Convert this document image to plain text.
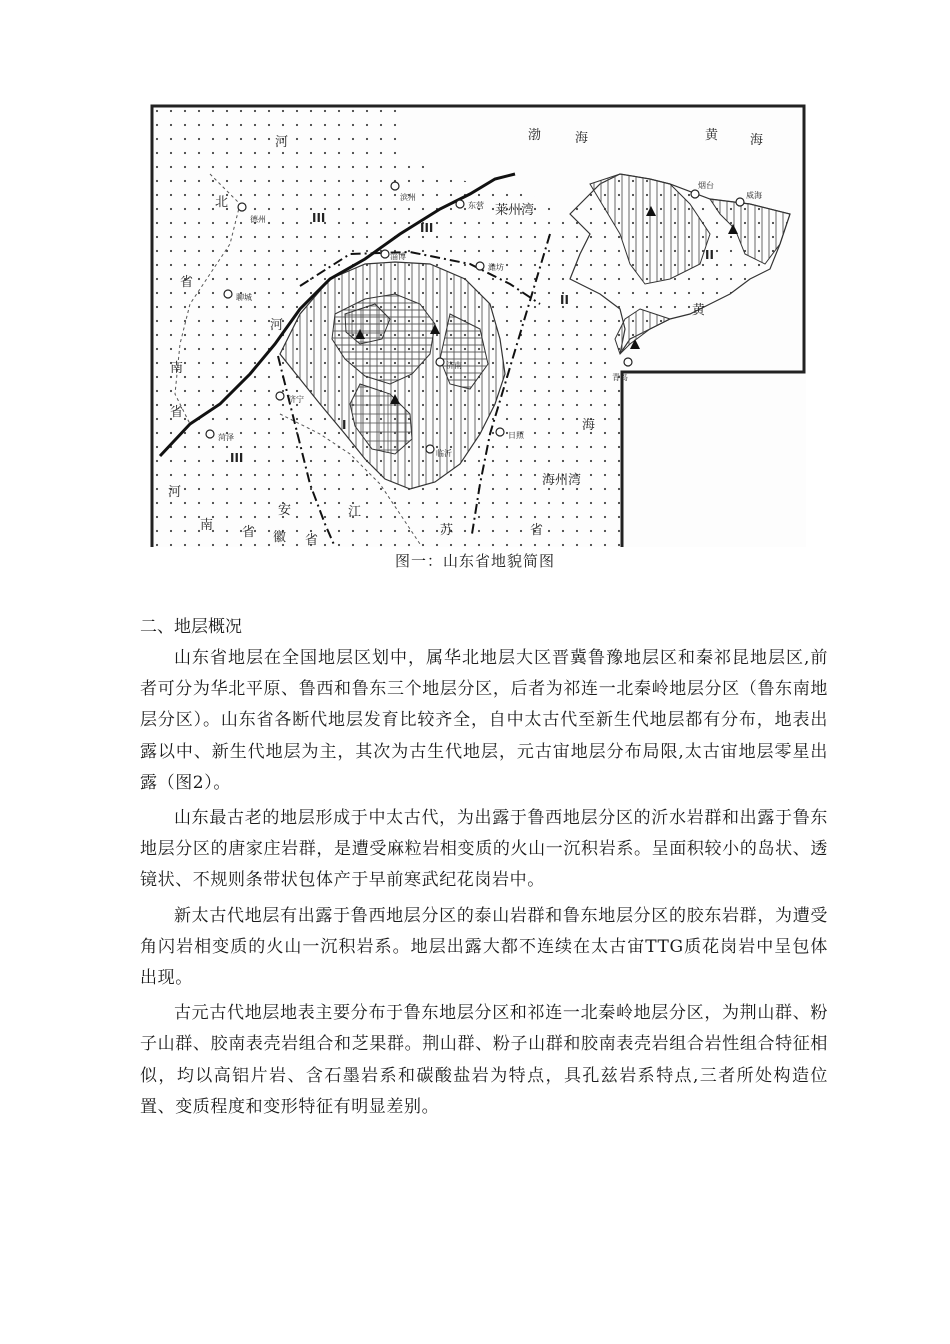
渤	海	黄 海
莱州湾
黄
海
海州湾
河
北
省
河
南
省
河
南 省
安
徽 省
江
苏	省
III
III
III
II
II
I
德州
滨州
东营
聊城
淄博
潍坊
济宁
菏泽
临沂
日照
青岛
烟台
威海
济南
图一：山东省地貌简图
二、地层概况

山东省地层在全国地层区划中，属华北地层大区晋冀鲁豫地层区和秦祁昆地层区,前者可分为华北平原、鲁西和鲁东三个地层分区，后者为祁连一北秦岭地层分区（鲁东南地层分区）。山东省各断代地层发育比较齐全，自中太古代至新生代地层都有分布，地表出露以中、新生代地层为主，其次为古生代地层，元古宙地层分布局限,太古宙地层零星出露（图2）。

山东最古老的地层形成于中太古代，为出露于鲁西地层分区的沂水岩群和出露于鲁东地层分区的唐家庄岩群，是遭受麻粒岩相变质的火山一沉积岩系。呈面积较小的岛状、透镜状、不规则条带状包体产于早前寒武纪花岗岩中。

新太古代地层有出露于鲁西地层分区的泰山岩群和鲁东地层分区的胶东岩群，为遭受角闪岩相变质的火山一沉积岩系。地层出露大都不连续在太古宙TTG质花岗岩中呈包体出现。

古元古代地层地表主要分布于鲁东地层分区和祁连一北秦岭地层分区，为荆山群、粉子山群、胶南表壳岩组合和芝果群。荆山群、粉子山群和胶南表壳岩组合岩性组合特征相似，均以高铝片岩、含石墨岩系和碳酸盐岩为特点，具孔兹岩系特点,三者所处构造位置、变质程度和变形特征有明显差别。
